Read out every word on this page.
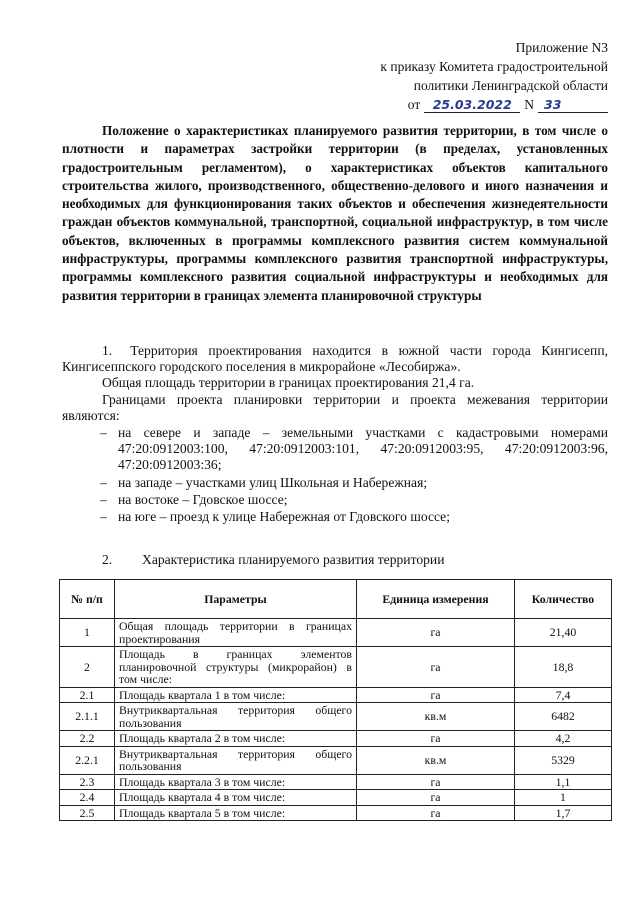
Приложение N3
к приказу Комитета градостроительной
политики Ленинградской области
от 25.03.2022 N 33

Положение о характеристиках планируемого развития территории, в том числе о плотности и параметрах застройки территории (в пределах, установленных градостроительным регламентом), о характеристиках объектов капитального строительства жилого, производственного, общественно-делового и иного назначения и необходимых для функционирования таких объектов и обеспечения жизнедеятельности граждан объектов коммунальной, транспортной, социальной инфраструктур, в том числе объектов, включенных в программы комплексного развития систем коммунальной инфраструктуры, программы комплексного развития транспортной инфраструктуры, программы комплексного развития социальной инфраструктуры и необходимых для развития территории в границах элемента планировочной структуры

1. Территория проектирования находится в южной части города Кингисепп, Кингисеппского городского поселения в микрорайоне «Лесобиржа».

Общая площадь территории в границах проектирования 21,4 га.

Границами проекта планировки территории и проекта межевания территории являются:

– на севере и западе – земельными участками с кадастровыми номерами 47:20:0912003:100, 47:20:0912003:101, 47:20:0912003:95, 47:20:0912003:96, 47:20:0912003:36;
– на западе – участками улиц Школьная и Набережная;
– на востоке – Гдовское шоссе;
– на юге – проезд к улице Набережная от Гдовского шоссе;
2. Характеристика планируемого развития территории
№ п/п	Параметры	Единица измерения	Количество
1	Общая площадь территории в границах проектирования	га	21,40
2	Площадь в границах элементов планировочной структуры (микрорайон) в том числе:	га	18,8
2.1	Площадь квартала 1 в том числе:	га	7,4
2.1.1	Внутриквартальная территория общего пользования	кв.м	6482
2.2	Площадь квартала 2 в том числе:	га	4,2
2.2.1	Внутриквартальная территория общего пользования	кв.м	5329
2.3	Площадь квартала 3 в том числе:	га	1,1
2.4	Площадь квартала 4 в том числе:	га	1
2.5	Площадь квартала 5 в том числе:	га	1,7
